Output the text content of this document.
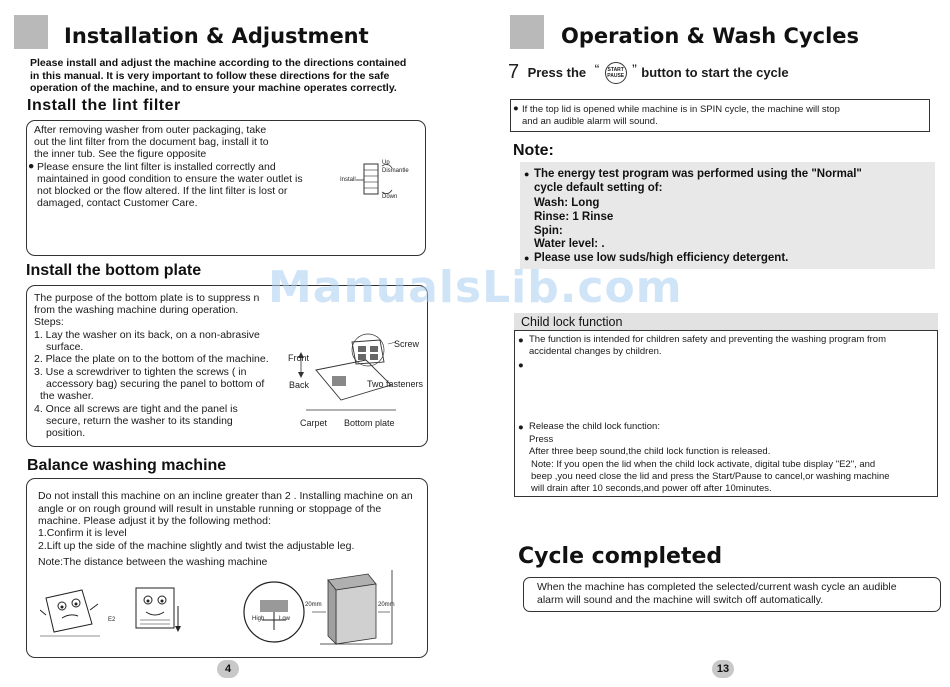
Installation & Adjustment
Please install and adjust the machine according to the directions contained
in this manual. It is very important to follow these directions for the safe
operation of the machine, and to ensure your machine operates correctly.
Install the lint filter
After removing washer from outer packaging, take
out the lint filter from the document bag, install it to
the inner tub. See the figure opposite
● Please ensure the lint filter is installed correctly and
maintained in good condition to ensure the water outlet is
not blocked or the flow altered. If the lint filter is lost or
damaged, contact Customer Care.
Up
Dismantle
Install
Down
Install the bottom plate
The purpose of the bottom plate is to suppress n
from the washing machine during operation.
Steps:
1. Lay the washer on its back, on a non-abrasive
surface.
2. Place the plate on to the bottom of the machine.
3. Use a screwdriver to tighten the screws ( in
accessory bag) securing the panel to bottom of
the washer.
4. Once all screws are tight and the panel is
secure, return the washer to its standing
position.
Screw
Front
Back	Two fasteners
Carpet Bottom plate
Balance washing machine
Do not install this machine on an incline greater than 2 . Installing machine on an
angle or on rough ground will result in unstable running or stoppage of the
machine. Please adjust it by the following method:
1.Confirm it is level
2.Lift up the side of the machine slightly and twist the adjustable leg.
Note:The distance between the washing machine
E2
20mm	20mm
High Low
4
Operation & Wash Cycles
7 Press the “ START
PAUSE ” button to start the cycle
● If the top lid is opened while machine is in SPIN cycle, the machine will stop
and an audible alarm will sound.
Note:
● The energy test program was performed using the "Normal"
cycle default setting of:
Wash: Long
Rinse: 1 Rinse
Spin:
Water level: .
● Please use low suds/high efficiency detergent.
Child lock function
● The function is intended for children safety and preventing the washing program from
accidental changes by children.
●
● Release the child lock function:
Press
After three beep sound,the child lock function is released.
Note: If you open the lid when the child lock activate, digital tube display "E2", and
beep ,you need close the lid and press the Start/Pause to cancel,or washing machine
will drain after 10 seconds,and power off after 10minutes.
Cycle completed
When the machine has completed the selected/current wash cycle an audible
alarm will sound and the machine will switch off automatically.
13
ManualsLib.com
